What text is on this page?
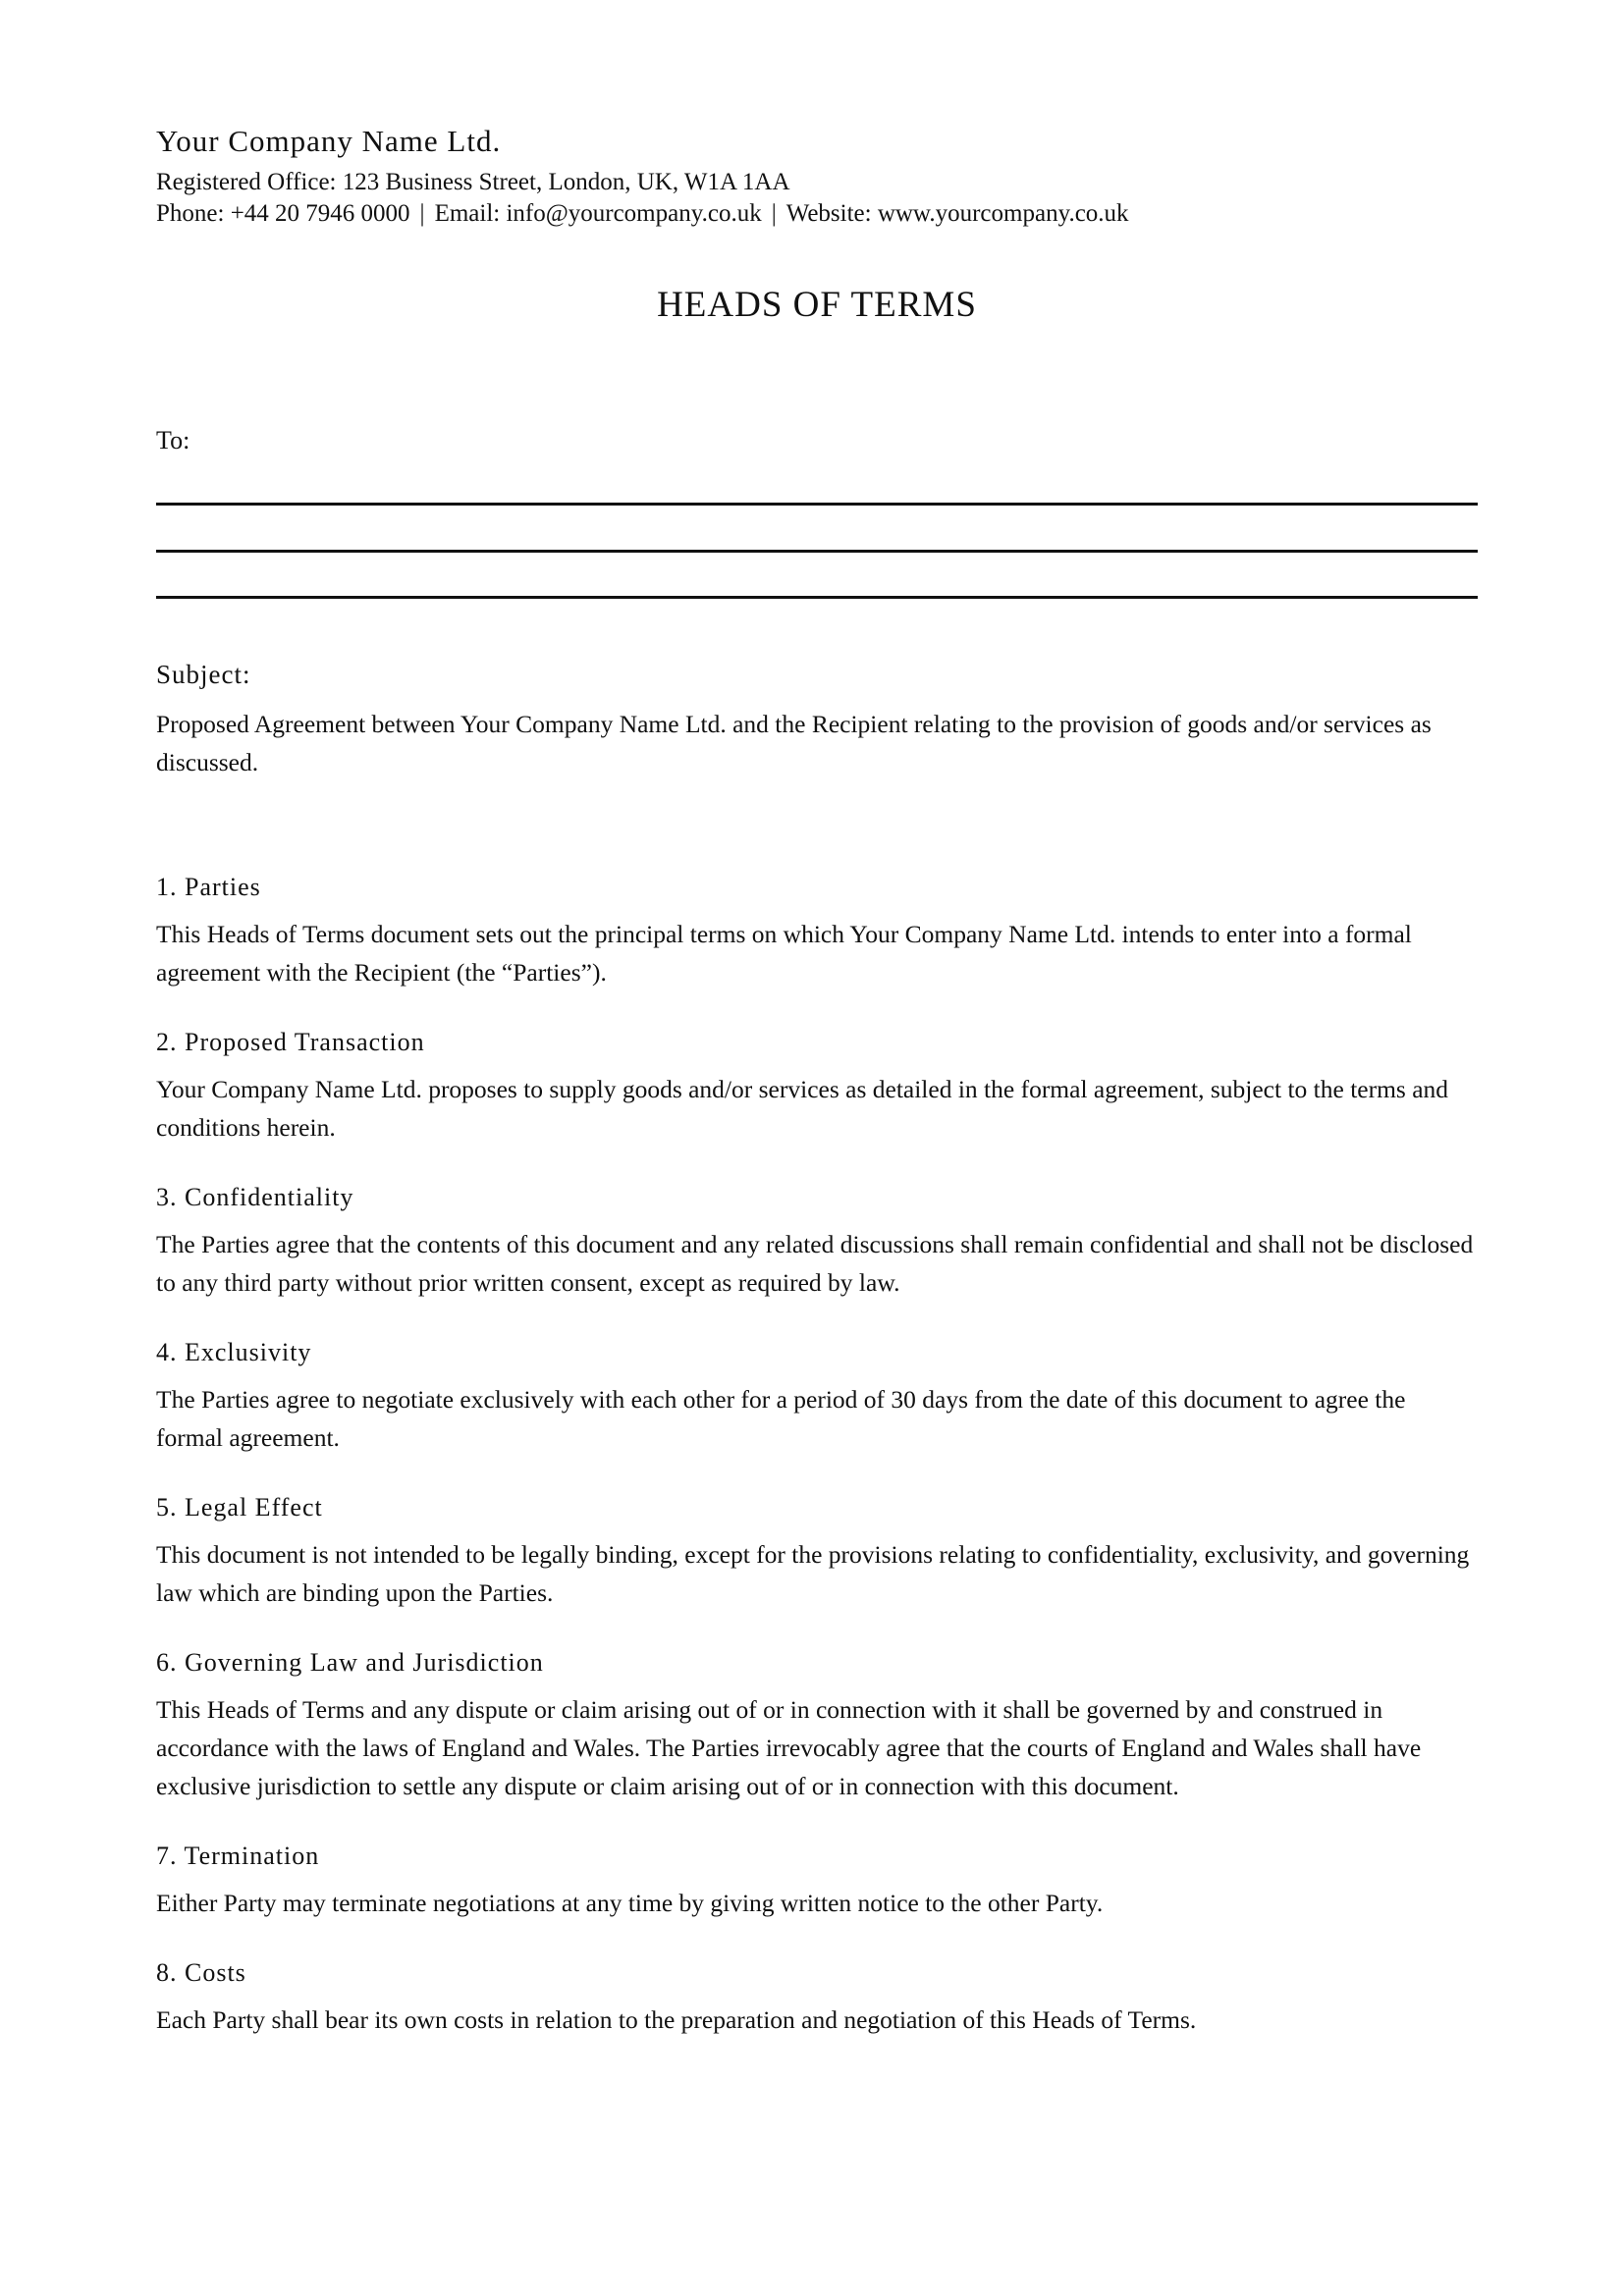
Your Company Name Ltd.
Registered Office: 123 Business Street, London, UK, W1A 1AA
Phone: +44 20 7946 0000 | Email: info@yourcompany.co.uk | Website: www.yourcompany.co.uk
HEADS OF TERMS
To:
Subject:
Proposed Agreement between Your Company Name Ltd. and the Recipient relating to the provision of goods and/or services as discussed.
1. Parties

This Heads of Terms document sets out the principal terms on which Your Company Name Ltd. intends to enter into a formal agreement with the Recipient (the “Parties”).

2. Proposed Transaction

Your Company Name Ltd. proposes to supply goods and/or services as detailed in the formal agreement, subject to the terms and conditions herein.

3. Confidentiality

The Parties agree that the contents of this document and any related discussions shall remain confidential and shall not be disclosed to any third party without prior written consent, except as required by law.

4. Exclusivity

The Parties agree to negotiate exclusively with each other for a period of 30 days from the date of this document to agree the formal agreement.

5. Legal Effect

This document is not intended to be legally binding, except for the provisions relating to confidentiality, exclusivity, and governing law which are binding upon the Parties.

6. Governing Law and Jurisdiction

This Heads of Terms and any dispute or claim arising out of or in connection with it shall be governed by and construed in accordance with the laws of England and Wales. The Parties irrevocably agree that the courts of England and Wales shall have exclusive jurisdiction to settle any dispute or claim arising out of or in connection with this document.

7. Termination

Either Party may terminate negotiations at any time by giving written notice to the other Party.

8. Costs

Each Party shall bear its own costs in relation to the preparation and negotiation of this Heads of Terms.
